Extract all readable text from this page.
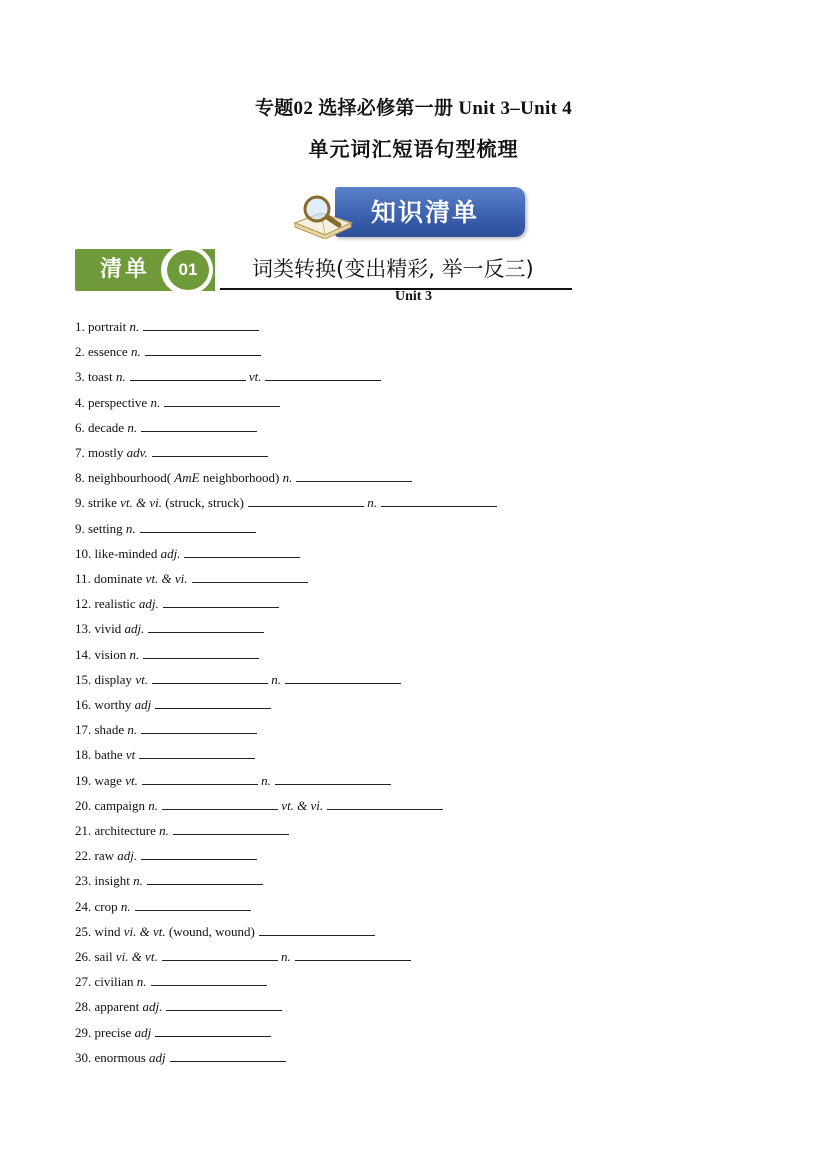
专题02 选择必修第一册 Unit 3–Unit 4
单元词汇短语句型梳理
知识清单
清单	01	词类转换(变出精彩, 举一反三)
Unit 3
1. portrait n.
2. essence n.
3. toast n.	vt.
4. perspective n.
6. decade n.
7. mostly adv.
8. neighbourhood( AmE neighborhood) n.
9. strike vt. & vi. (struck, struck)	n.
9. setting n.
10. like-minded adj.
11. dominate vt. & vi.
12. realistic adj.
13. vivid adj.
14. vision n.
15. display vt.	n.
16. worthy adj
17. shade n.
18. bathe vt
19. wage vt.	n.
20. campaign n.	vt. & vi.
21. architecture n.
22. raw adj.
23. insight n.
24. crop n.
25. wind vi. & vt. (wound, wound)
26. sail vi. & vt.	n.
27. civilian n.
28. apparent adj.
29. precise adj
30. enormous adj
